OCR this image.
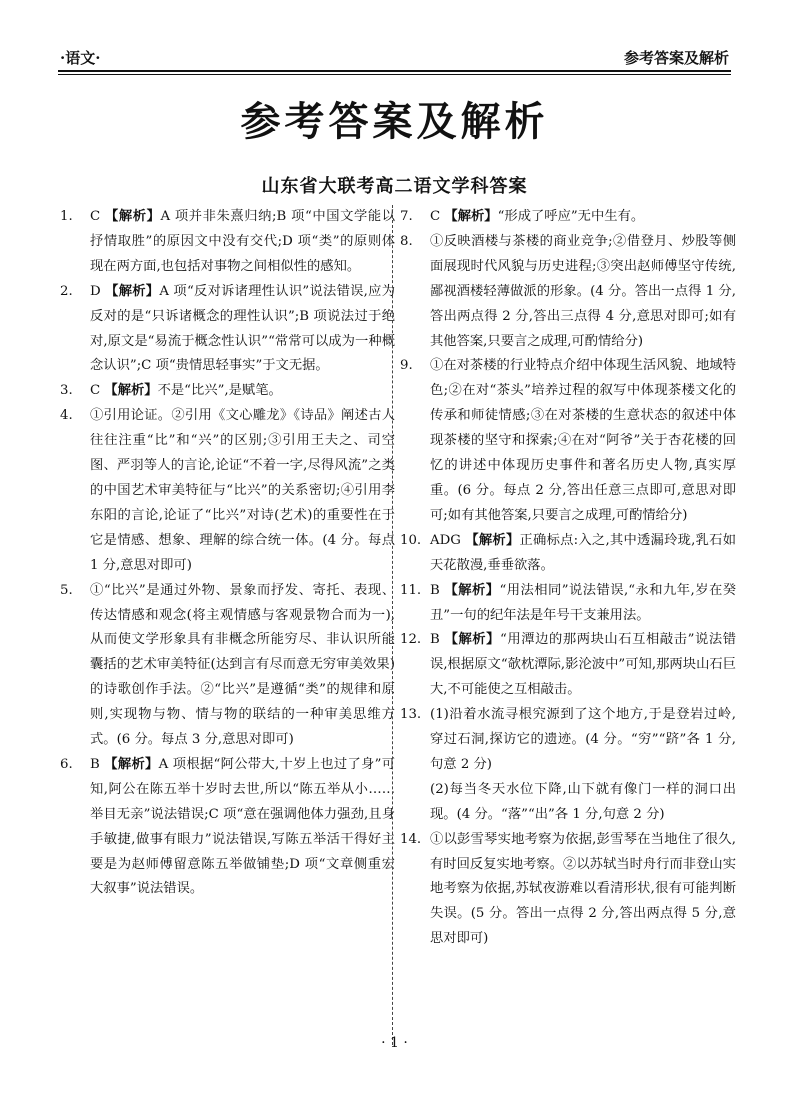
·语文·	参考答案及解析
参考答案及解析
山东省大联考高二语文学科答案
1.	C 【解析】A 项并非朱熹归纳;B 项“中国文学能以抒情取胜”的原因文中没有交代;D 项“类”的原则体现在两方面,也包括对事物之间相似性的感知。
2.	D 【解析】A 项“反对诉诸理性认识”说法错误,应为反对的是“只诉诸概念的理性认识”;B 项说法过于绝对,原文是“易流于概念性认识”“常常可以成为一种概念认识”;C 项“贵情思轻事实”于文无据。
3.	C 【解析】不是“比兴”,是赋笔。
4.	①引用论证。②引用《文心雕龙》《诗品》阐述古人往往注重“比”和“兴”的区别;③引用王夫之、司空图、严羽等人的言论,论证“不着一字,尽得风流”之类的中国艺术审美特征与“比兴”的关系密切;④引用李东阳的言论,论证了“比兴”对诗(艺术)的重要性在于它是情感、想象、理解的综合统一体。(4 分。每点 1 分,意思对即可)
5.	①“比兴”是通过外物、景象而抒发、寄托、表现、传达情感和观念(将主观情感与客观景物合而为一),从而使文学形象具有非概念所能穷尽、非认识所能囊括的艺术审美特征(达到言有尽而意无穷审美效果)的诗歌创作手法。②“比兴”是遵循“类”的规律和原则,实现物与物、情与物的联结的一种审美思维方式。(6 分。每点 3 分,意思对即可)
6.	B 【解析】A 项根据“阿公带大,十岁上也过了身”可知,阿公在陈五举十岁时去世,所以“陈五举从小……举目无亲”说法错误;C 项“意在强调他体力强劲,且身手敏捷,做事有眼力”说法错误,写陈五举活干得好主要是为赵师傅留意陈五举做铺垫;D 项“文章侧重宏大叙事”说法错误。
7.	C 【解析】“形成了呼应”无中生有。
8.	①反映酒楼与茶楼的商业竞争;②借登月、炒股等侧面展现时代风貌与历史进程;③突出赵师傅坚守传统,鄙视酒楼轻薄做派的形象。(4 分。答出一点得 1 分,答出两点得 2 分,答出三点得 4 分,意思对即可;如有其他答案,只要言之成理,可酌情给分)
9.	①在对茶楼的行业特点介绍中体现生活风貌、地域特色;②在对“茶头”培养过程的叙写中体现茶楼文化的传承和师徒情感;③在对茶楼的生意状态的叙述中体现茶楼的坚守和探索;④在对“阿爷”关于杏花楼的回忆的讲述中体现历史事件和著名历史人物,真实厚重。(6 分。每点 2 分,答出任意三点即可,意思对即可;如有其他答案,只要言之成理,可酌情给分)
10. ADG 【解析】正确标点:入之,其中透漏玲珑,乳石如天花散漫,垂垂欲落。
11. B 【解析】“用法相同”说法错误,“永和九年,岁在癸丑”一句的纪年法是年号干支兼用法。
12. B 【解析】“用潭边的那两块山石互相敲击”说法错误,根据原文“欹枕潭际,影沦波中”可知,那两块山石巨大,不可能使之互相敲击。
13. (1)沿着水流寻根究源到了这个地方,于是登岩过岭,穿过石洞,探访它的遗迹。(4 分。“穷”“跻”各 1 分,句意 2 分)
(2)每当冬天水位下降,山下就有像门一样的洞口出现。(4 分。“落”“出”各 1 分,句意 2 分)
14. ①以彭雪琴实地考察为依据,彭雪琴在当地住了很久,有时回反复实地考察。②以苏轼当时舟行而非登山实地考察为依据,苏轼夜游难以看清形状,很有可能判断失误。(5 分。答出一点得 2 分,答出两点得 5 分,意思对即可)
· 1 ·
